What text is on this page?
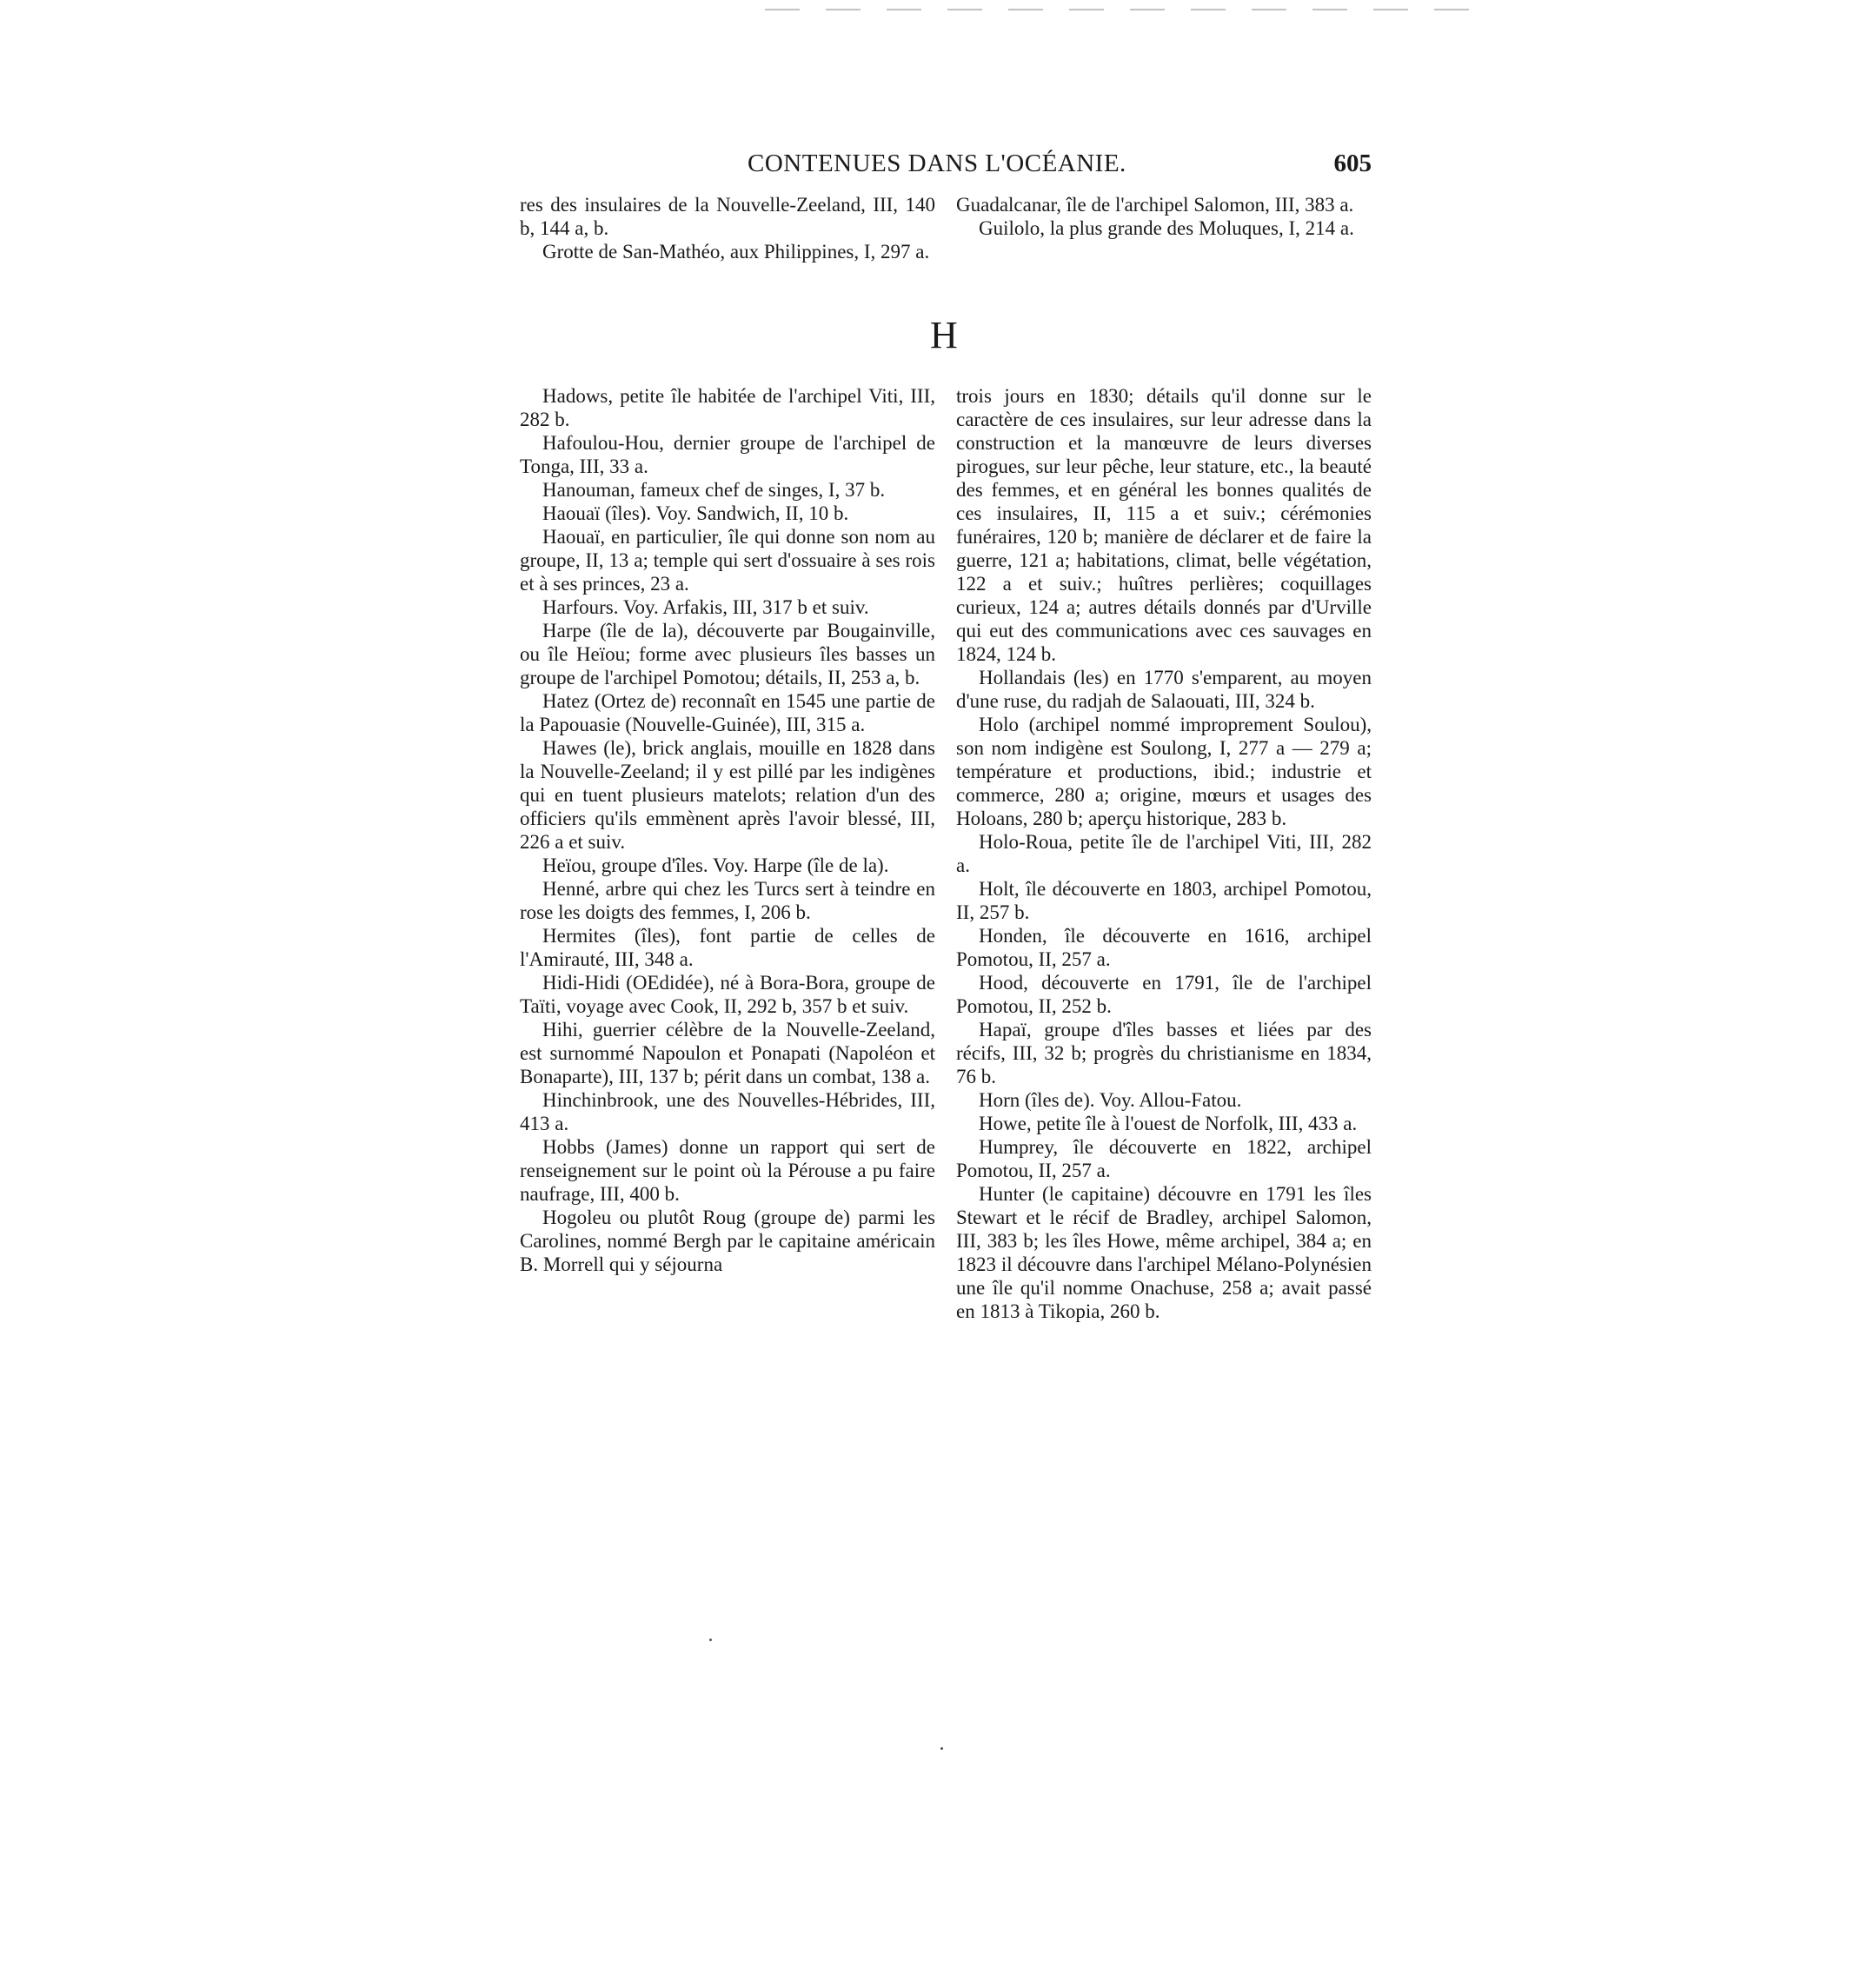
CONTENUES DANS L'OCÉANIE.	605

res des insulaires de la Nouvelle-Zeeland, III, 140 b, 144 a, b.

Grotte de San-Mathéo, aux Philippines, I, 297 a.

Guadalcanar, île de l'archipel Salomon, III, 383 a.

Guilolo, la plus grande des Moluques, I, 214 a.

H

Hadows, petite île habitée de l'archipel Viti, III, 282 b.

Hafoulou-Hou, dernier groupe de l'archipel de Tonga, III, 33 a.

Hanouman, fameux chef de singes, I, 37 b.

Haouaï (îles). Voy. Sandwich, II, 10 b.

Haouaï, en particulier, île qui donne son nom au groupe, II, 13 a; temple qui sert d'ossuaire à ses rois et à ses princes, 23 a.

Harfours. Voy. Arfakis, III, 317 b et suiv.

Harpe (île de la), découverte par Bougainville, ou île Heïou; forme avec plusieurs îles basses un groupe de l'archipel Pomotou; détails, II, 253 a, b.

Hatez (Ortez de) reconnaît en 1545 une partie de la Papouasie (Nouvelle-Guinée), III, 315 a.

Hawes (le), brick anglais, mouille en 1828 dans la Nouvelle-Zeeland; il y est pillé par les indigènes qui en tuent plusieurs matelots; relation d'un des officiers qu'ils emmènent après l'avoir blessé, III, 226 a et suiv.

Heïou, groupe d'îles. Voy. Harpe (île de la).

Henné, arbre qui chez les Turcs sert à teindre en rose les doigts des femmes, I, 206 b.

Hermites (îles), font partie de celles de l'Amirauté, III, 348 a.

Hidi-Hidi (OEdidée), né à Bora-Bora, groupe de Taïti, voyage avec Cook, II, 292 b, 357 b et suiv.

Hihi, guerrier célèbre de la Nouvelle-Zeeland, est surnommé Napoulon et Ponapati (Napoléon et Bonaparte), III, 137 b; périt dans un combat, 138 a.

Hinchinbrook, une des Nouvelles-Hébrides, III, 413 a.

Hobbs (James) donne un rapport qui sert de renseignement sur le point où la Pérouse a pu faire naufrage, III, 400 b.

Hogoleu ou plutôt Roug (groupe de) parmi les Carolines, nommé Bergh par le capitaine américain B. Morrell qui y séjourna

trois jours en 1830; détails qu'il donne sur le caractère de ces insulaires, sur leur adresse dans la construction et la manœuvre de leurs diverses pirogues, sur leur pêche, leur stature, etc., la beauté des femmes, et en général les bonnes qualités de ces insulaires, II, 115 a et suiv.; cérémonies funéraires, 120 b; manière de déclarer et de faire la guerre, 121 a; habitations, climat, belle végétation, 122 a et suiv.; huîtres perlières; coquillages curieux, 124 a; autres détails donnés par d'Urville qui eut des communications avec ces sauvages en 1824, 124 b.

Hollandais (les) en 1770 s'emparent, au moyen d'une ruse, du radjah de Salaouati, III, 324 b.

Holo (archipel nommé improprement Soulou), son nom indigène est Soulong, I, 277 a — 279 a; température et productions, ibid.; industrie et commerce, 280 a; origine, mœurs et usages des Holoans, 280 b; aperçu historique, 283 b.

Holo-Roua, petite île de l'archipel Viti, III, 282 a.

Holt, île découverte en 1803, archipel Pomotou, II, 257 b.

Honden, île découverte en 1616, archipel Pomotou, II, 257 a.

Hood, découverte en 1791, île de l'archipel Pomotou, II, 252 b.

Hapaï, groupe d'îles basses et liées par des récifs, III, 32 b; progrès du christianisme en 1834, 76 b.

Horn (îles de). Voy. Allou-Fatou.

Howe, petite île à l'ouest de Norfolk, III, 433 a.

Humprey, île découverte en 1822, archipel Pomotou, II, 257 a.

Hunter (le capitaine) découvre en 1791 les îles Stewart et le récif de Bradley, archipel Salomon, III, 383 b; les îles Howe, même archipel, 384 a; en 1823 il découvre dans l'archipel Mélano-Polynésien une île qu'il nomme Onachuse, 258 a; avait passé en 1813 à Tikopia, 260 b.
